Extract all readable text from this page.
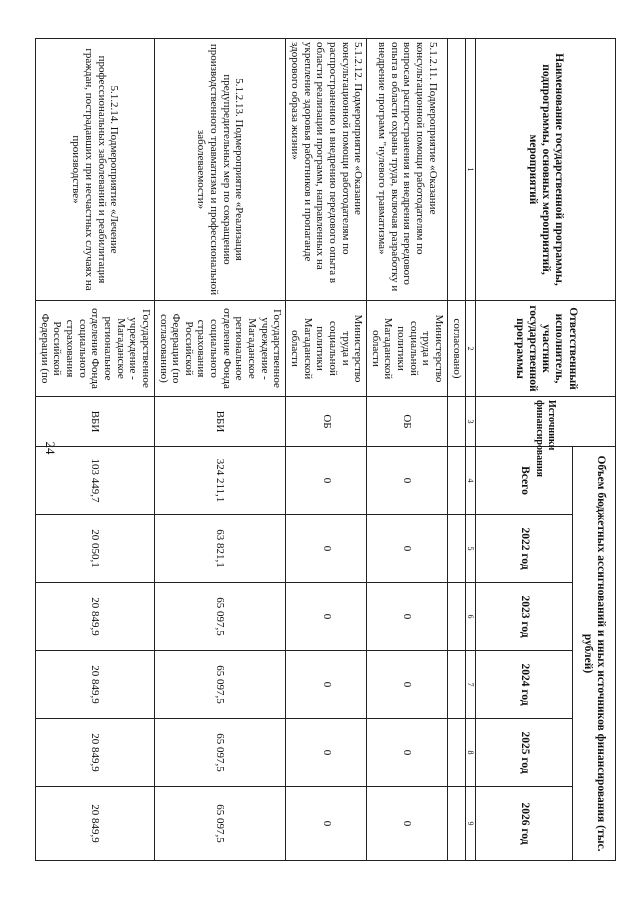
24
Наименование государственной программы, подпрограммы, основных мероприятий, мероприятий	Ответственный исполнитель, участник государственной программы	Источники финансирования	Объем бюджетных ассигнований и иных источников финансирования (тыс. рублей)					
			Всего	2022 год	2023 год	2024 год	2025 год	2026 год
1	2	3	4	5	6	7	8	9
	согласовано)							
5.1.2.11. Подмероприятие «Оказание консультационной помощи работодателям по вопросам распространения и внедрения передового опыта в области охраны труда, включая разработку и внедрение программ "нулевого травматизма»	Министерство труда и социальной политики Магаданской области	ОБ	0	0	0	0	0	0
5.1.2.12. Подмероприятие «Оказание консультационной помощи работодателям по распространению и внедрению передового опыта в области реализации программ, направленных на укрепление здоровья работников и пропаганде здорового образа жизни»	Министерство труда и социальной политики Магаданской области	ОБ	0	0	0	0	0	0
5.1.2.13. Подмероприятие «Реализация предупредительных мер по сокращению производственного травматизма и профессиональной заболеваемости»	Государственное учреждение - Магаданское региональное отделение Фонда социального страхования Российской Федерации (по согласованию)	ВБИ	324 211,1	63 821,1	65 097,5	65 097,5	65 097,5	65 097,5
5.1.2.14. Подмероприятие «Лечение профессиональных заболеваний и реабилитация граждан, пострадавших при несчастных случаях на производстве»	Государственное учреждение - Магаданское региональное отделение Фонда социального страхования Российской Федерации (по	ВБИ	103 449,7	20 050,1	20 849,9	20 849,9	20 849,9	20 849,9
